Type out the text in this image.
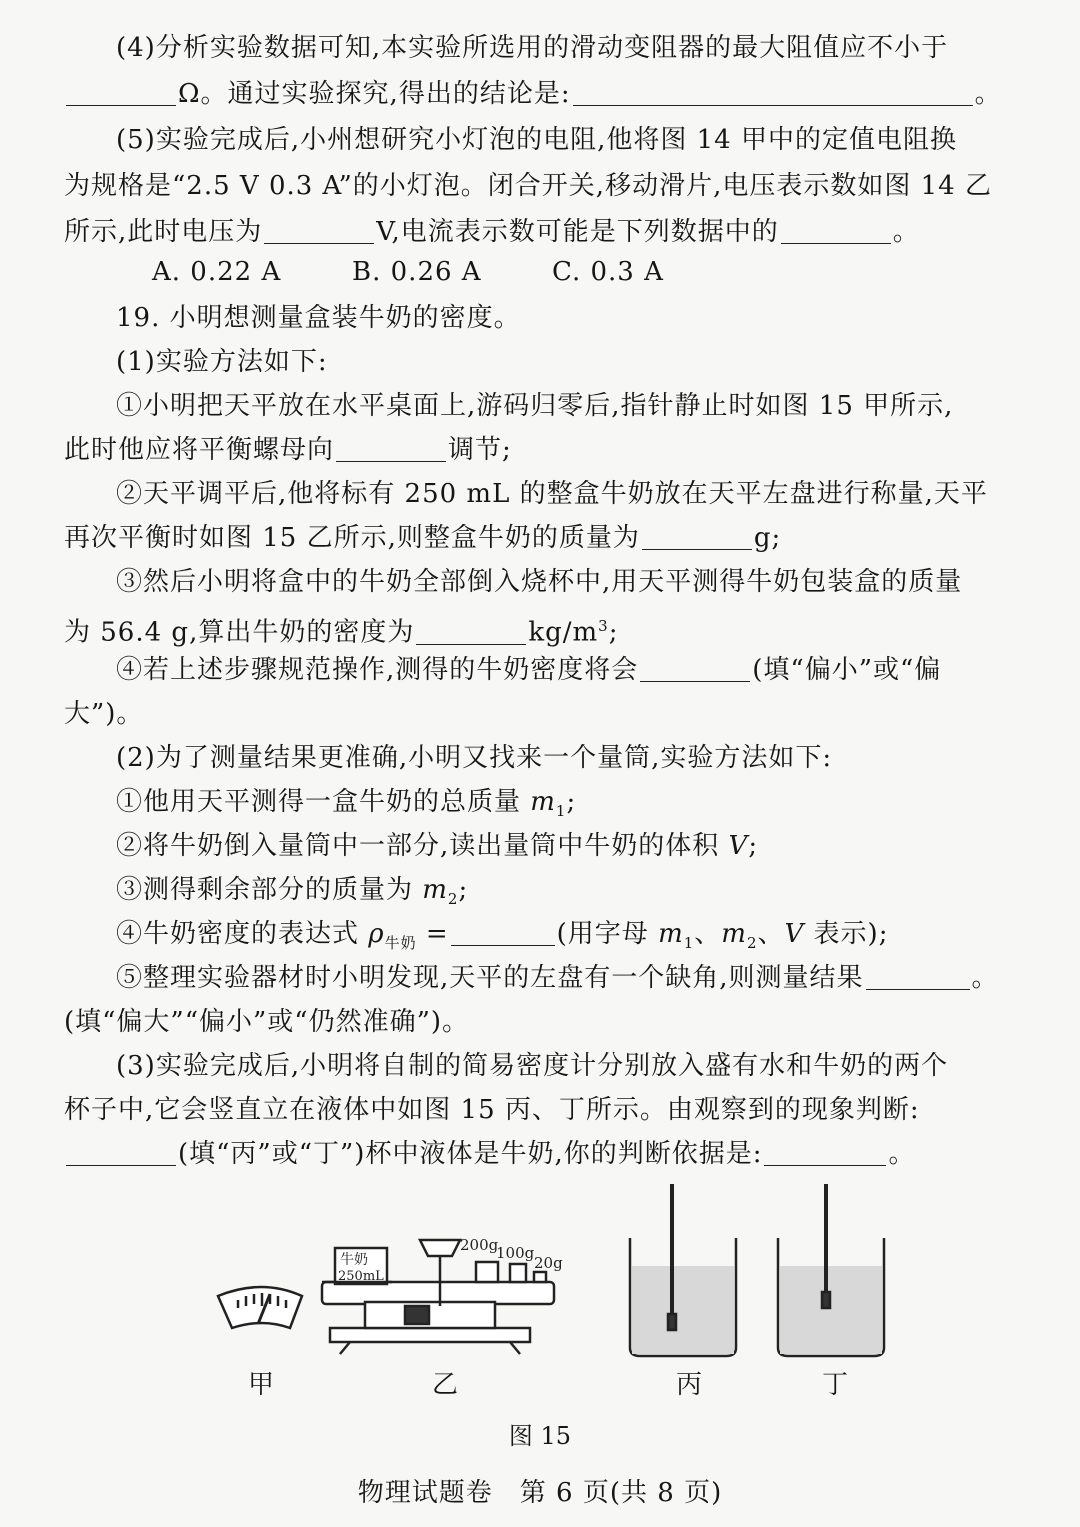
(4)分析实验数据可知,本实验所选用的滑动变阻器的最大阻值应不小于
Ω。通过实验探究,得出的结论是:	。
(5)实验完成后,小州想研究小灯泡的电阻,他将图 14 甲中的定值电阻换
为规格是“2.5 V 0.3 A”的小灯泡。闭合开关,移动滑片,电压表示数如图 14 乙
所示,此时电压为	V,电流表示数可能是下列数据中的	。
A. 0.22 A	B. 0.26 A	C. 0.3 A
19. 小明想测量盒装牛奶的密度。
(1)实验方法如下:
①小明把天平放在水平桌面上,游码归零后,指针静止时如图 15 甲所示,
此时他应将平衡螺母向	调节;
②天平调平后,他将标有 250 mL 的整盒牛奶放在天平左盘进行称量,天平
再次平衡时如图 15 乙所示,则整盒牛奶的质量为	g;
③然后小明将盒中的牛奶全部倒入烧杯中,用天平测得牛奶包装盒的质量
为 56.4 g,算出牛奶的密度为	$kg/m^3$;
④若上述步骤规范操作,测得的牛奶密度将会	(填“偏小”或“偏
大”)。
(2)为了测量结果更准确,小明又找来一个量筒,实验方法如下:
①他用天平测得一盒牛奶的总质量 $m_1$;
②将牛奶倒入量筒中一部分,读出量筒中牛奶的体积 V;
③测得剩余部分的质量为 $m_2$;
④牛奶密度的表达式 $\rho_{牛奶}$ =	(用字母 $m_1$、$m_2$、V 表示);
⑤整理实验器材时小明发现,天平的左盘有一个缺角,则测量结果	。
(填“偏大”“偏小”或“仍然准确”)。
(3)实验完成后,小明将自制的简易密度计分别放入盛有水和牛奶的两个
杯子中,它会竖直立在液体中如图 15 丙、丁所示。由观察到的现象判断:
(填“丙”或“丁”)杯中液体是牛奶,你的判断依据是:	。
牛奶
250mL
200g
100g
20g
甲	乙	丙	丁
图 15
物理试题卷　第 6 页(共 8 页)
